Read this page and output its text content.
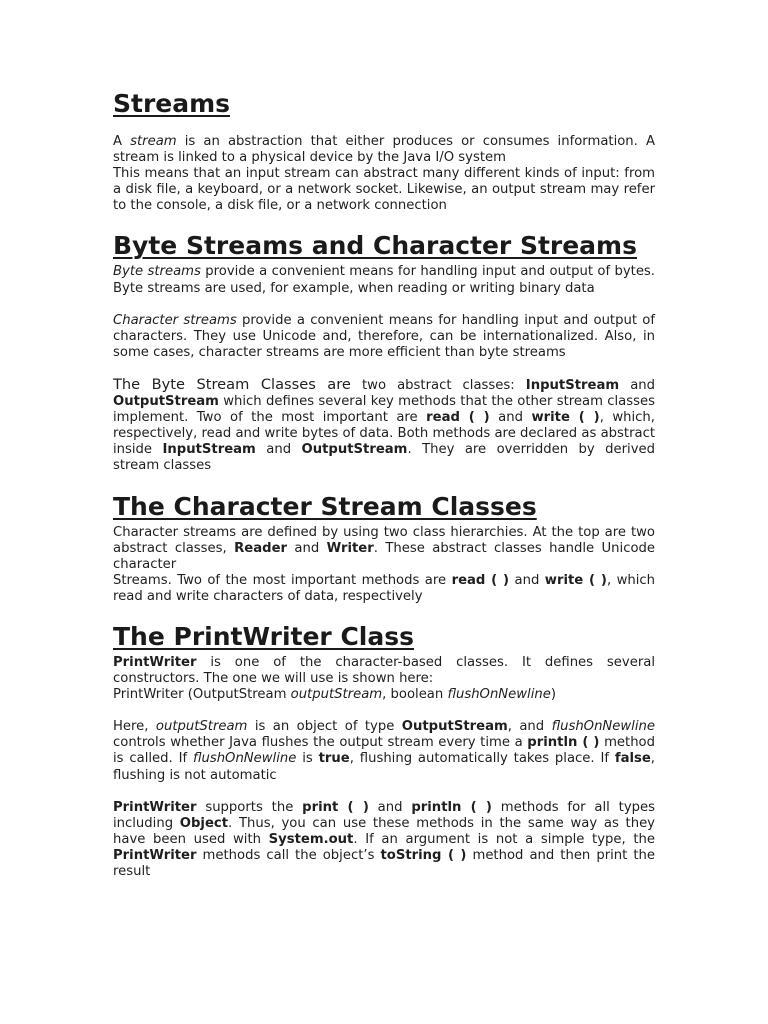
Streams

A stream is an abstraction that either produces or consumes information. A stream is linked to a physical device by the Java I/O system

This means that an input stream can abstract many different kinds of input: from a disk file, a keyboard, or a network socket. Likewise, an output stream may refer to the console, a disk file, or a network connection

Byte Streams and Character Streams

Byte streams provide a convenient means for handling input and output of bytes. Byte streams are used, for example, when reading or writing binary data

Character streams provide a convenient means for handling input and output of characters. They use Unicode and, therefore, can be internationalized. Also, in some cases, character streams are more efficient than byte streams

The Byte Stream Classes are two abstract classes: InputStream and OutputStream which defines several key methods that the other stream classes implement. Two of the most important are read ( ) and write ( ), which, respectively, read and write bytes of data. Both methods are declared as abstract inside InputStream and OutputStream. They are overridden by derived stream classes

The Character Stream Classes

Character streams are defined by using two class hierarchies. At the top are two abstract classes, Reader and Writer. These abstract classes handle Unicode character

Streams. Two of the most important methods are read ( ) and write ( ), which read and write characters of data, respectively

The PrintWriter Class

PrintWriter is one of the character-based classes. It defines several constructors. The one we will use is shown here:

PrintWriter (OutputStream outputStream, boolean flushOnNewline)

Here, outputStream is an object of type OutputStream, and flushOnNewline controls whether Java flushes the output stream every time a println ( ) method is called. If flushOnNewline is true, flushing automatically takes place. If false, flushing is not automatic

PrintWriter supports the print ( ) and println ( ) methods for all types including Object. Thus, you can use these methods in the same way as they have been used with System.out. If an argument is not a simple type, the PrintWriter methods call the object’s toString ( ) method and then print the result
